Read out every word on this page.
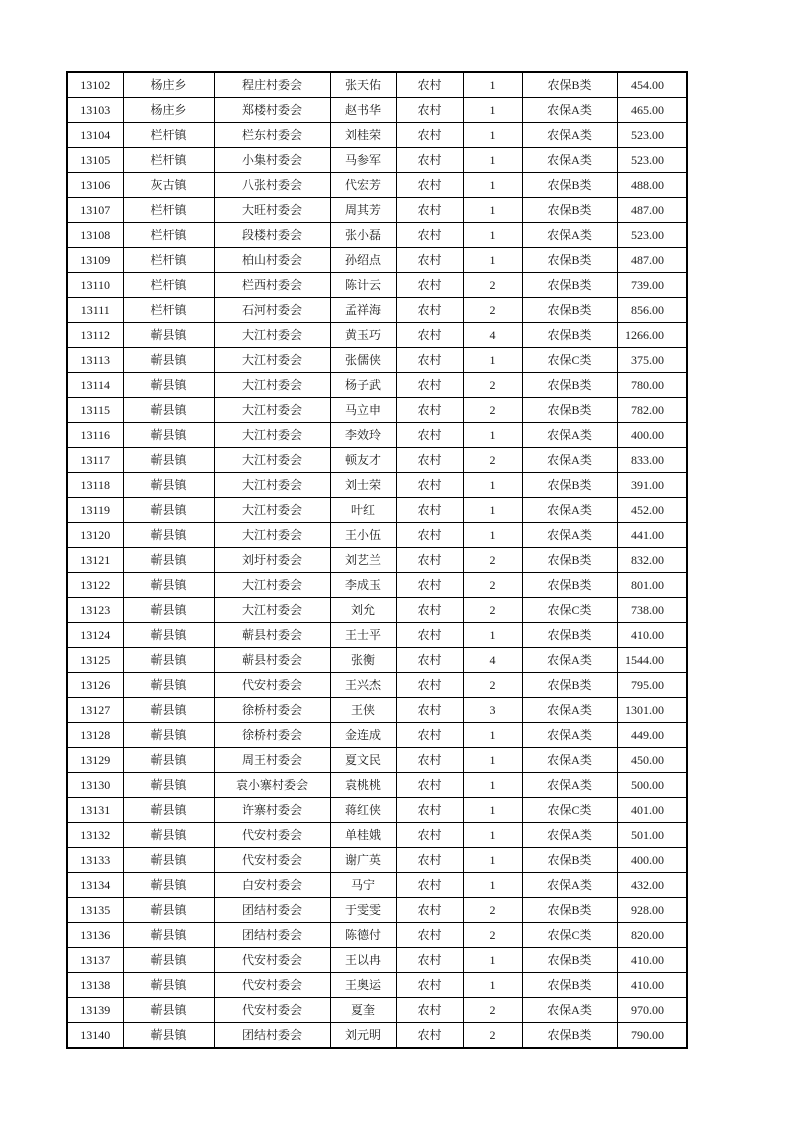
13102	杨庄乡	程庄村委会	张天佑	农村	1	农保B类	454.00
13103	杨庄乡	郑楼村委会	赵书华	农村	1	农保A类	465.00
13104	栏杆镇	栏东村委会	刘桂荣	农村	1	农保A类	523.00
13105	栏杆镇	小集村委会	马参军	农村	1	农保A类	523.00
13106	灰古镇	八张村委会	代宏芳	农村	1	农保B类	488.00
13107	栏杆镇	大旺村委会	周其芳	农村	1	农保B类	487.00
13108	栏杆镇	段楼村委会	张小磊	农村	1	农保A类	523.00
13109	栏杆镇	柏山村委会	孙绍点	农村	1	农保B类	487.00
13110	栏杆镇	栏西村委会	陈计云	农村	2	农保B类	739.00
13111	栏杆镇	石河村委会	孟祥海	农村	2	农保B类	856.00
13112	蕲县镇	大江村委会	黄玉巧	农村	4	农保B类	1266.00
13113	蕲县镇	大江村委会	张儒侠	农村	1	农保C类	375.00
13114	蕲县镇	大江村委会	杨子武	农村	2	农保B类	780.00
13115	蕲县镇	大江村委会	马立申	农村	2	农保B类	782.00
13116	蕲县镇	大江村委会	李效玲	农村	1	农保A类	400.00
13117	蕲县镇	大江村委会	顿友才	农村	2	农保A类	833.00
13118	蕲县镇	大江村委会	刘士荣	农村	1	农保B类	391.00
13119	蕲县镇	大江村委会	叶红	农村	1	农保A类	452.00
13120	蕲县镇	大江村委会	王小伍	农村	1	农保A类	441.00
13121	蕲县镇	刘圩村委会	刘艺兰	农村	2	农保B类	832.00
13122	蕲县镇	大江村委会	李成玉	农村	2	农保B类	801.00
13123	蕲县镇	大江村委会	刘允	农村	2	农保C类	738.00
13124	蕲县镇	蕲县村委会	王士平	农村	1	农保B类	410.00
13125	蕲县镇	蕲县村委会	张衡	农村	4	农保A类	1544.00
13126	蕲县镇	代安村委会	王兴杰	农村	2	农保B类	795.00
13127	蕲县镇	徐桥村委会	王侠	农村	3	农保A类	1301.00
13128	蕲县镇	徐桥村委会	金连成	农村	1	农保A类	449.00
13129	蕲县镇	周王村委会	夏文民	农村	1	农保A类	450.00
13130	蕲县镇	袁小寨村委会	袁桃桃	农村	1	农保A类	500.00
13131	蕲县镇	许寨村委会	蒋红侠	农村	1	农保C类	401.00
13132	蕲县镇	代安村委会	单桂娥	农村	1	农保A类	501.00
13133	蕲县镇	代安村委会	谢广英	农村	1	农保B类	400.00
13134	蕲县镇	白安村委会	马宁	农村	1	农保A类	432.00
13135	蕲县镇	团结村委会	于雯雯	农村	2	农保B类	928.00
13136	蕲县镇	团结村委会	陈德付	农村	2	农保C类	820.00
13137	蕲县镇	代安村委会	王以冉	农村	1	农保B类	410.00
13138	蕲县镇	代安村委会	王奥运	农村	1	农保B类	410.00
13139	蕲县镇	代安村委会	夏奎	农村	2	农保A类	970.00
13140	蕲县镇	团结村委会	刘元明	农村	2	农保B类	790.00
